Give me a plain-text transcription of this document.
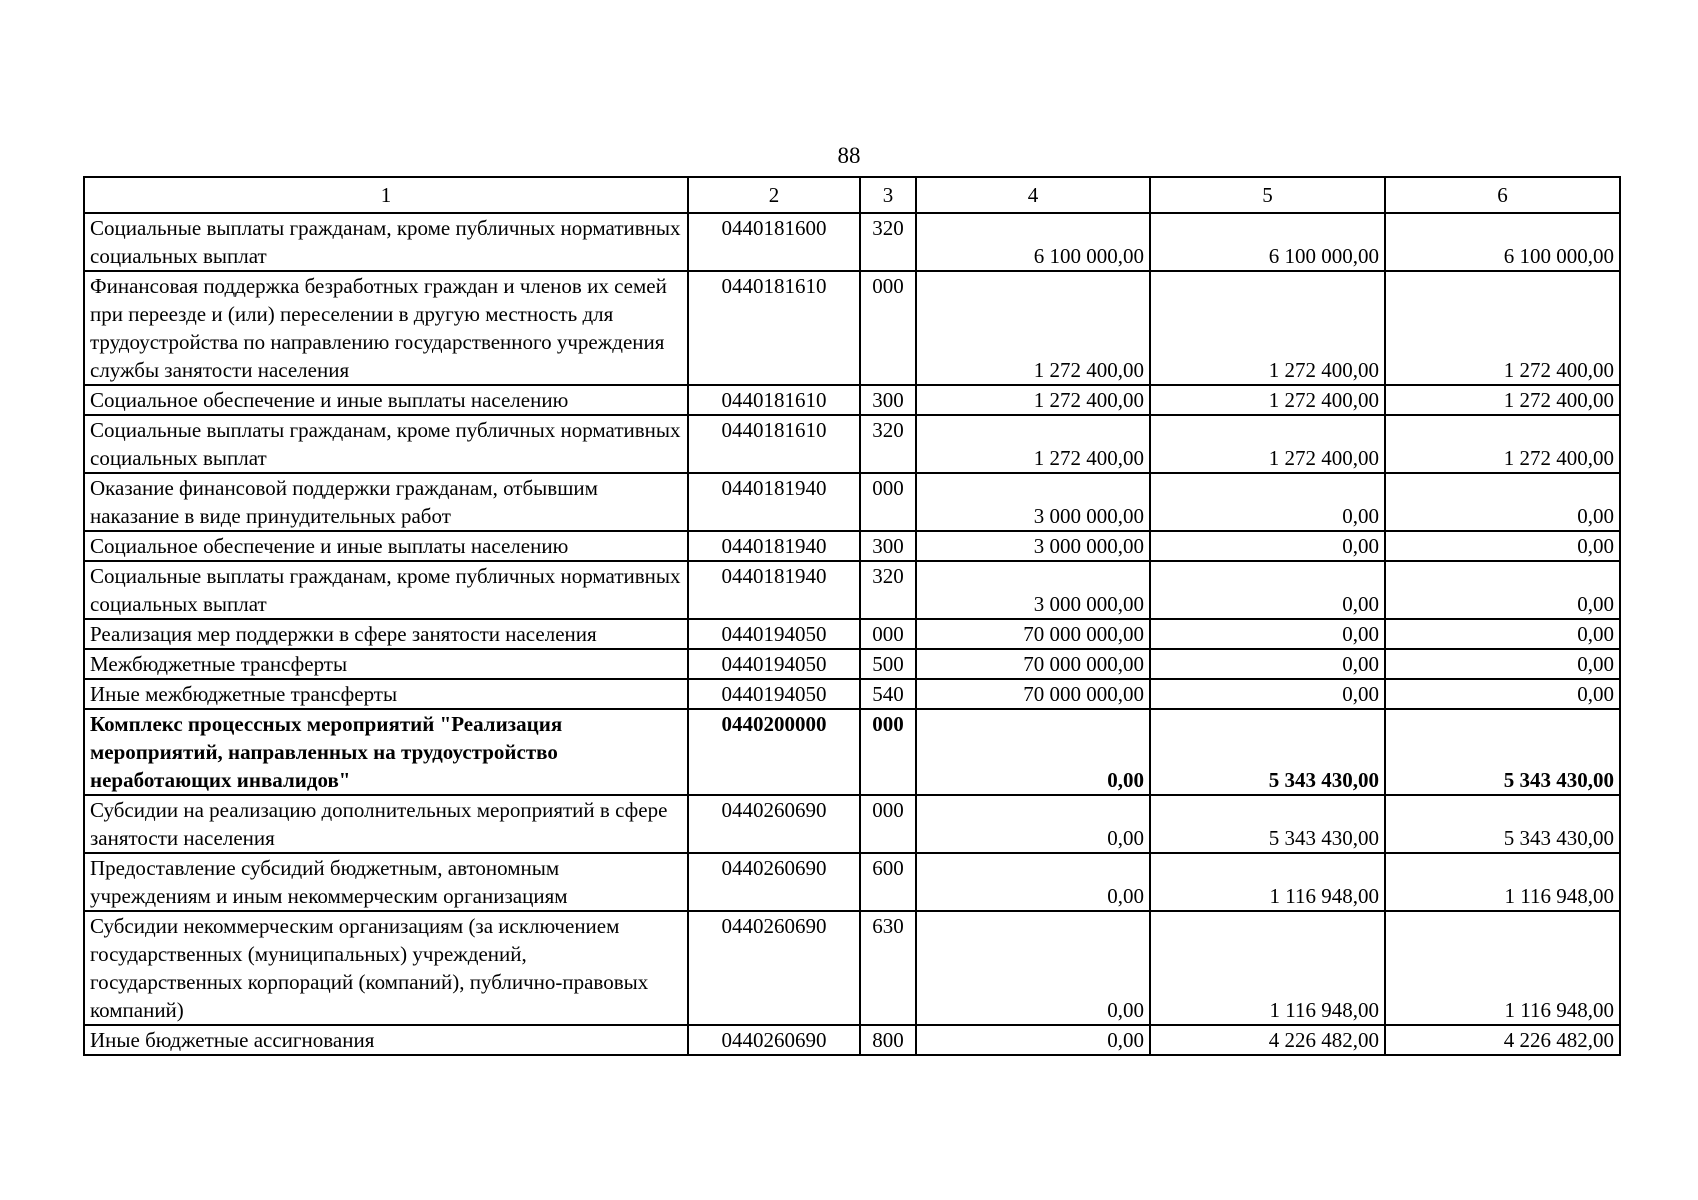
88
1	2	3	4	5	6
Социальные выплаты гражданам, кроме публичных нормативных социальных выплат	0440181600	320	6 100 000,00	6 100 000,00	6 100 000,00
Финансовая поддержка безработных граждан и членов их семей при переезде и (или) переселении в другую местность для трудоустройства по направлению государственного учреждения службы занятости населения	0440181610	000	1 272 400,00	1 272 400,00	1 272 400,00
Социальное обеспечение и иные выплаты населению	0440181610	300	1 272 400,00	1 272 400,00	1 272 400,00
Социальные выплаты гражданам, кроме публичных нормативных социальных выплат	0440181610	320	1 272 400,00	1 272 400,00	1 272 400,00
Оказание финансовой поддержки гражданам, отбывшим наказание в виде принудительных работ	0440181940	000	3 000 000,00	0,00	0,00
Социальное обеспечение и иные выплаты населению	0440181940	300	3 000 000,00	0,00	0,00
Социальные выплаты гражданам, кроме публичных нормативных социальных выплат	0440181940	320	3 000 000,00	0,00	0,00
Реализация мер поддержки в сфере занятости населения	0440194050	000	70 000 000,00	0,00	0,00
Межбюджетные трансферты	0440194050	500	70 000 000,00	0,00	0,00
Иные межбюджетные трансферты	0440194050	540	70 000 000,00	0,00	0,00
Комплекс процессных мероприятий "Реализация мероприятий, направленных на трудоустройство неработающих инвалидов"	0440200000	000	0,00	5 343 430,00	5 343 430,00
Субсидии на реализацию дополнительных мероприятий в сфере занятости населения	0440260690	000	0,00	5 343 430,00	5 343 430,00
Предоставление субсидий бюджетным, автономным учреждениям и иным некоммерческим организациям	0440260690	600	0,00	1 116 948,00	1 116 948,00
Субсидии некоммерческим организациям (за исключением государственных (муниципальных) учреждений, государственных корпораций (компаний), публично-правовых компаний)	0440260690	630	0,00	1 116 948,00	1 116 948,00
Иные бюджетные ассигнования	0440260690	800	0,00	4 226 482,00	4 226 482,00
